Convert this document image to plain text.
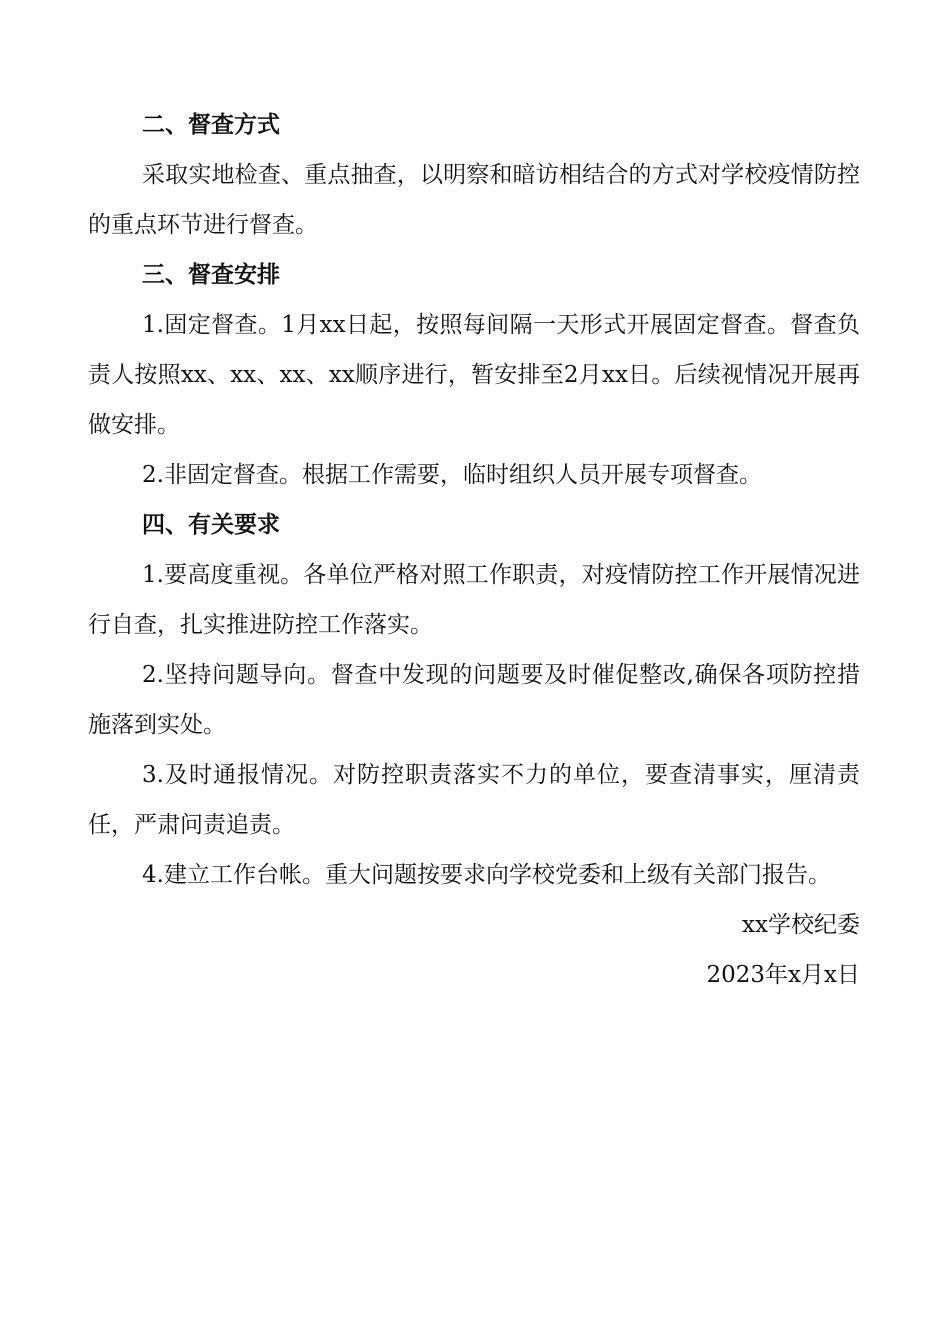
二、督查方式

采取实地检查、重点抽查，以明察和暗访相结合的方式对学校疫情防控的重点环节进行督查。

三、督查安排

1.固定督查。1月xx日起，按照每间隔一天形式开展固定督查。督查负责人按照xx、xx、xx、xx顺序进行，暂安排至2月xx日。后续视情况开展再做安排。

2.非固定督查。根据工作需要，临时组织人员开展专项督查。

四、有关要求

1.要高度重视。各单位严格对照工作职责，对疫情防控工作开展情况进行自查，扎实推进防控工作落实。

2.坚持问题导向。督查中发现的问题要及时催促整改,确保各项防控措施落到实处。

3.及时通报情况。对防控职责落实不力的单位，要查清事实，厘清责任，严肃问责追责。

4.建立工作台帐。重大问题按要求向学校党委和上级有关部门报告。

xx学校纪委
2023年x月x日
